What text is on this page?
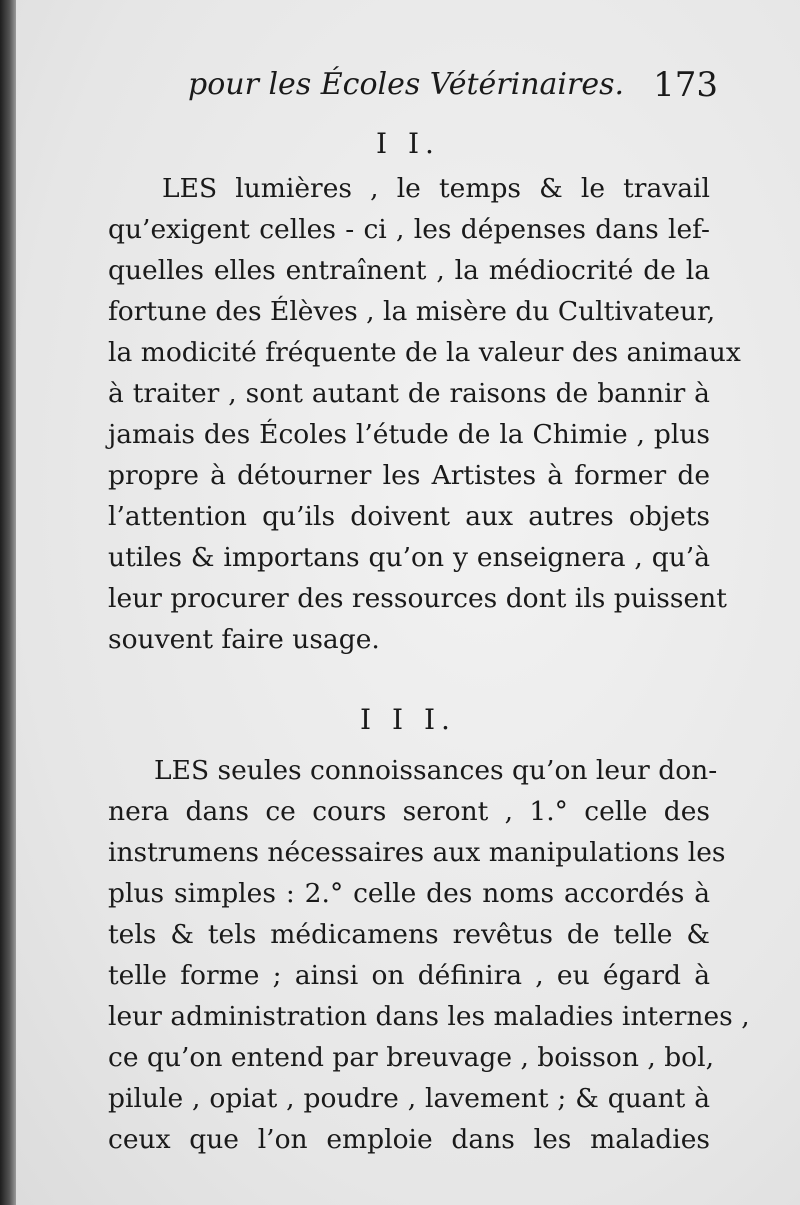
pour les Écoles Vétérinaires. 173
I I.
LES lumières , le temps & le travail
qu’exigent celles - ci , les dépenses dans lef-
quelles elles entraînent , la médiocrité de la
fortune des Élèves , la misère du Cultivateur,
la modicité fréquente de la valeur des animaux
à traiter , sont autant de raisons de bannir à
jamais des Écoles l’étude de la Chimie , plus
propre à détourner les Artistes à former de
l’attention qu’ils doivent aux autres objets
utiles & importans qu’on y enseignera , qu’à
leur procurer des ressources dont ils puissent
souvent faire usage.
I I I.
LES seules connoissances qu’on leur don-
nera dans ce cours seront , 1.° celle des
instrumens nécessaires aux manipulations les
plus simples : 2.° celle des noms accordés à
tels & tels médicamens revêtus de telle &
telle forme ; ainsi on définira , eu égard à
leur administration dans les maladies internes ,
ce qu’on entend par breuvage , boisson , bol,
pilule , opiat , poudre , lavement ; & quant à
ceux que l’on emploie dans les maladies
